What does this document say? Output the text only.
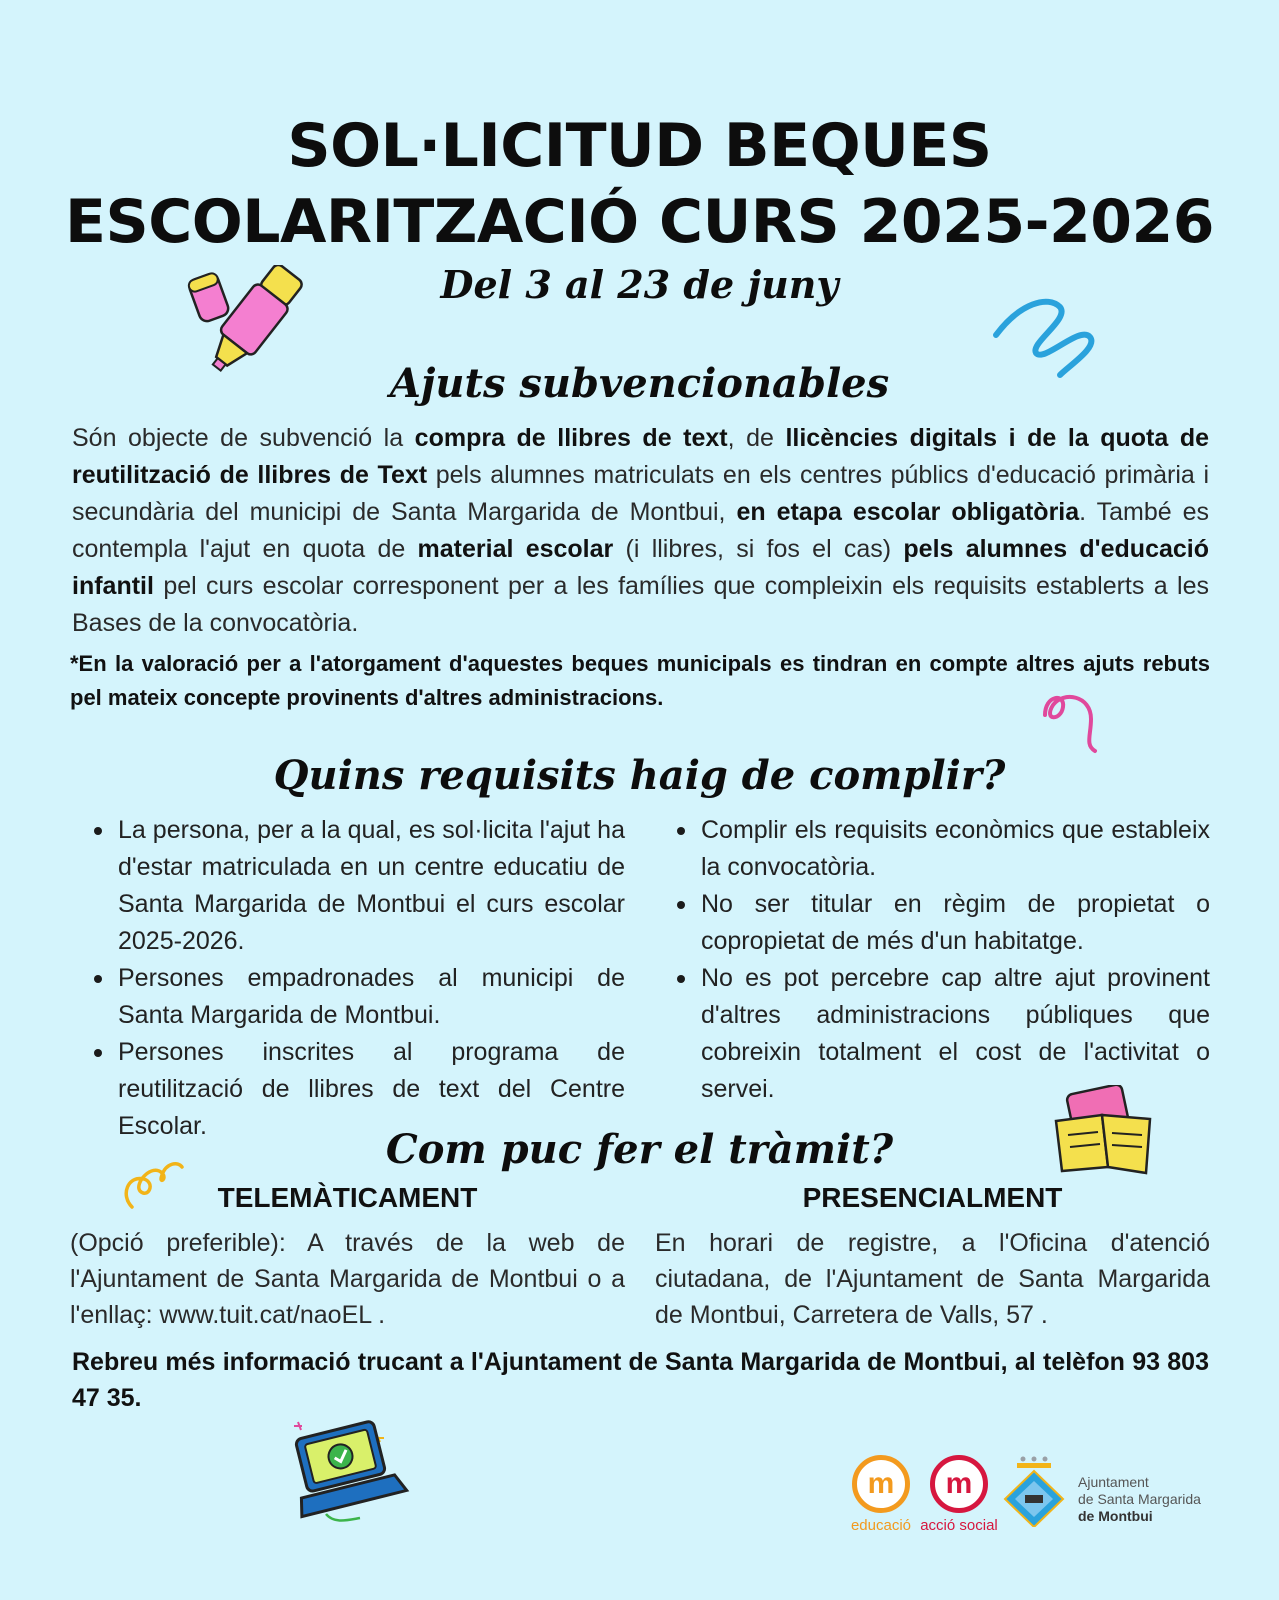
SOL·LICITUD BEQUES
ESCOLARITZACIÓ CURS 2025-2026
Del 3 al 23 de juny
Ajuts subvencionables
Són objecte de subvenció la compra de llibres de text, de llicències digitals i de la quota de reutilització de llibres de Text pels alumnes matriculats en els centres públics d'educació primària i secundària del municipi de Santa Margarida de Montbui, en etapa escolar obligatòria. També es contempla l'ajut en quota de material escolar (i llibres, si fos el cas) pels alumnes d'educació infantil pel curs escolar corresponent per a les famílies que compleixin els requisits establerts a les Bases de la convocatòria.
*En la valoració per a l'atorgament d'aquestes beques municipals es tindran en compte altres ajuts rebuts pel mateix concepte provinents d'altres administracions.
Quins requisits haig de complir?
La persona, per a la qual, es sol·licita l'ajut ha d'estar matriculada en un centre educatiu de Santa Margarida de Montbui el curs escolar 2025-2026.
Persones empadronades al municipi de Santa Margarida de Montbui.
Persones inscrites al programa de reutilització de llibres de text del Centre Escolar.
Complir els requisits econòmics que estableix la convocatòria.
No ser titular en règim de propietat o copropietat de més d'un habitatge.
No es pot percebre cap altre ajut provinent d'altres administracions públiques que cobreixin totalment el cost de l'activitat o servei.
Com puc fer el tràmit?
TELEMÀTICAMENT
(Opció preferible): A través de la web de l'Ajuntament de Santa Margarida de Montbui o a l'enllaç: www.tuit.cat/naoEL .
PRESENCIALMENT
En horari de registre, a l'Oficina d'atenció ciutadana, de l'Ajuntament de Santa Margarida de Montbui, Carretera de Valls, 57 .
Rebreu més informació trucant a l'Ajuntament de Santa Margarida de Montbui, al telèfon 93 803 47 35.
m
educació
m
acció social
Ajuntament
de Santa Margarida
de Montbui
